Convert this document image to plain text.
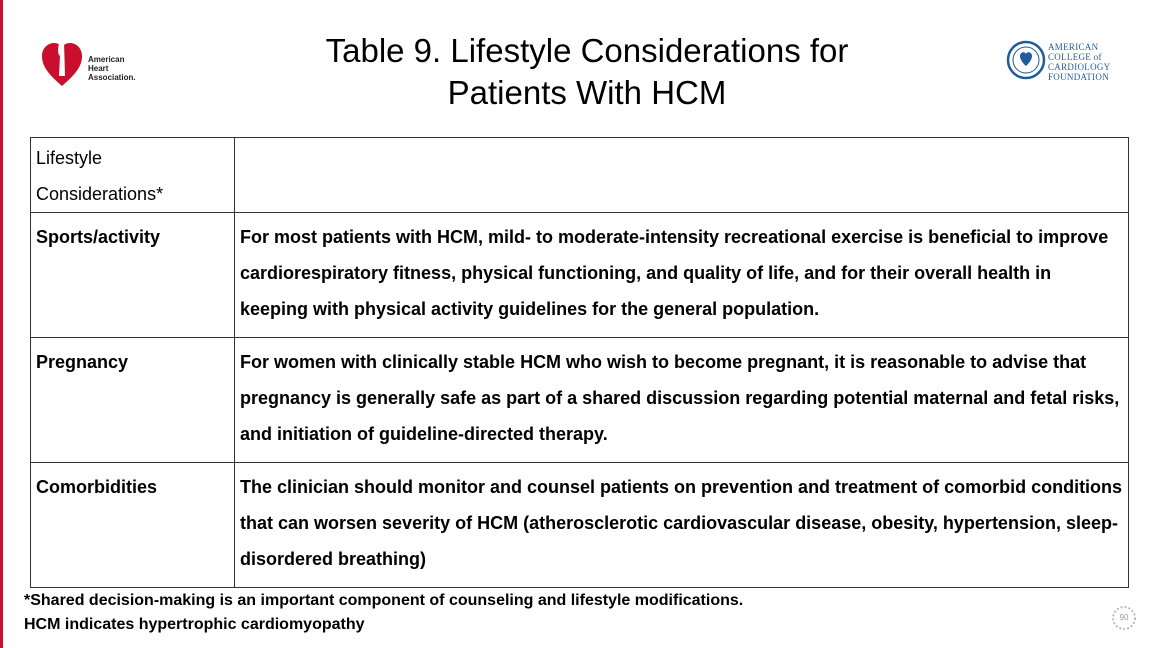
American
Heart
Association.
Table 9. Lifestyle Considerations for Patients With HCM
AMERICAN
COLLEGE of
CARDIOLOGY
FOUNDATION
Lifestyle Considerations*	
Sports/activity	For most patients with HCM, mild- to moderate-intensity recreational exercise is beneficial to improve cardiorespiratory fitness, physical functioning, and quality of life, and for their overall health in keeping with physical activity guidelines for the general population.
Pregnancy	For women with clinically stable HCM who wish to become pregnant, it is reasonable to advise that pregnancy is generally safe as part of a shared discussion regarding potential maternal and fetal risks, and initiation of guideline-directed therapy.
Comorbidities	The clinician should monitor and counsel patients on prevention and treatment of comorbid conditions that can worsen severity of HCM (atherosclerotic cardiovascular disease, obesity, hypertension, sleep-disordered breathing)
*Shared decision-making is an important component of counseling and lifestyle modifications.
HCM indicates hypertrophic cardiomyopathy	90
